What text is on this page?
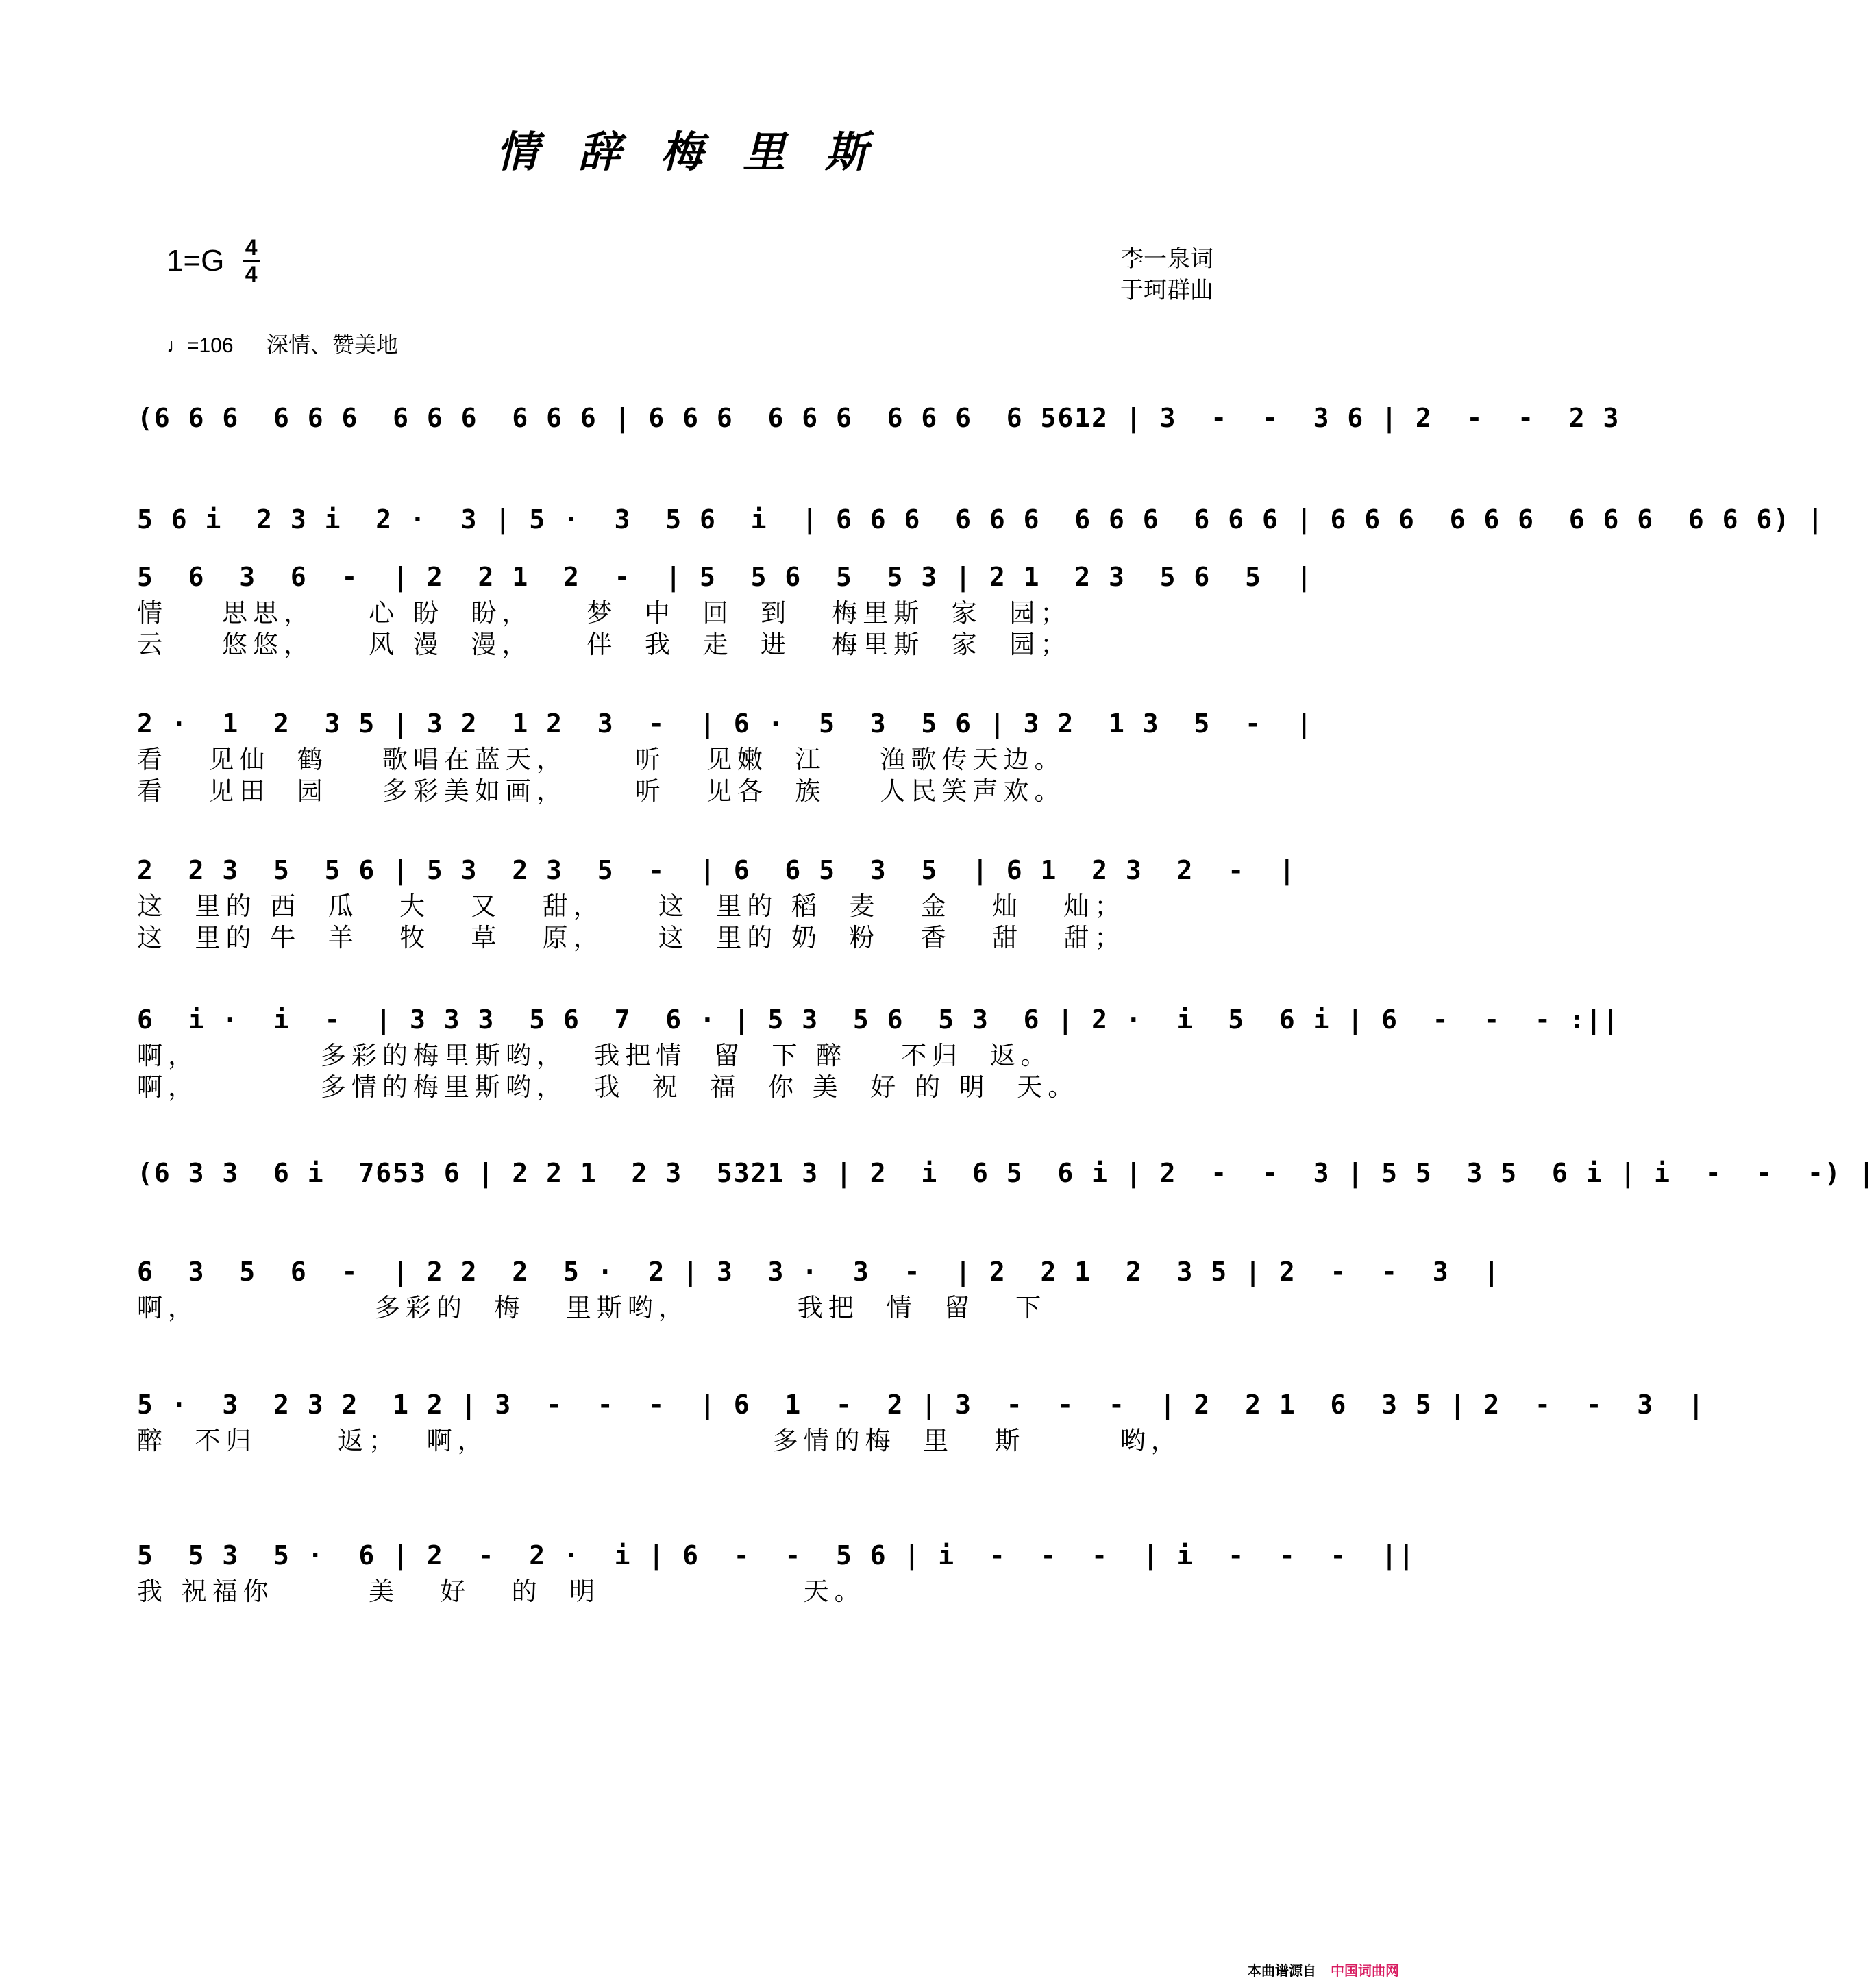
情辞梅里斯
$1=G \frac{4}{4}$	李一泉词
于珂群曲
♩=106 深情、赞美地
(6 6 6  6 6 6  6 6 6  6 6 6 | 6 6 6  6 6 6  6 6 6  6 5612 | 3  -  -  3 6 | 2  -  -  2 3
5 6 i  2 3 i  2 ·  3 | 5 ·  3  5 6  i  | 6 6 6  6 6 6  6 6 6  6 6 6 | 6 6 6  6 6 6  6 6 6  6 6 6) |
5  6  3  6  -  | 2  2 1  2  -  | 5  5 6  5  5 3 | 2 1  2 3  5 6  5  |
情    思思，    心 盼  盼，    梦  中  回  到   梅里斯  家  园；
云    悠悠，    风 漫  漫，    伴  我  走  进   梅里斯  家  园；
2 ·  1  2  3 5 | 3 2  1 2  3  -  | 6 ·  5  3  5 6 | 3 2  1 3  5  -  |
看   见仙  鹤    歌唱在蓝天，     听   见嫩  江    渔歌传天边。
看   见田  园    多彩美如画，     听   见各  族    人民笑声欢。
2  2 3  5  5 6 | 5 3  2 3  5  -  | 6  6 5  3  5  | 6 1  2 3  2  -  |
这  里的 西  瓜   大   又   甜，    这  里的 稻  麦   金   灿   灿；
这  里的 牛  羊   牧   草   原，    这  里的 奶  粉   香   甜   甜；
6  i ·  i  -  | 3 3 3  5 6  7  6 · | 5 3  5 6  5 3  6 | 2 ·  i  5  6 i | 6  -  -  - :||
啊，         多彩的梅里斯哟，  我把情  留  下 醉    不归  返。
啊，         多情的梅里斯哟，  我  祝  福  你 美  好 的 明  天。
(6 3 3  6 i  7653 6 | 2 2 1  2 3  5321 3 | 2  i  6 5  6 i | 2  -  -  3 | 5 5  3 5  6 i | i  -  -  -) |
6  3  5  6  -  | 2 2  2  5 ·  2 | 3  3 ·  3  -  | 2  2 1  2  3 5 | 2  -  -  3  |
啊，             多彩的  梅   里斯哟，        我把  情  留   下
5 ·  3  2 3 2  1 2 | 3  -  -  -  | 6  1  -  2 | 3  -  -  -  | 2  2 1  6  3 5 | 2  -  -  3  |
醉  不归      返；  啊，                     多情的梅  里   斯       哟，
5  5 3  5 ·  6 | 2  -  2 ·  i | 6  -  -  5 6 | i  -  -  -  | i  -  -  -  ||
我 祝福你       美   好   的  明               天。
本曲谱源自 中国词曲网
